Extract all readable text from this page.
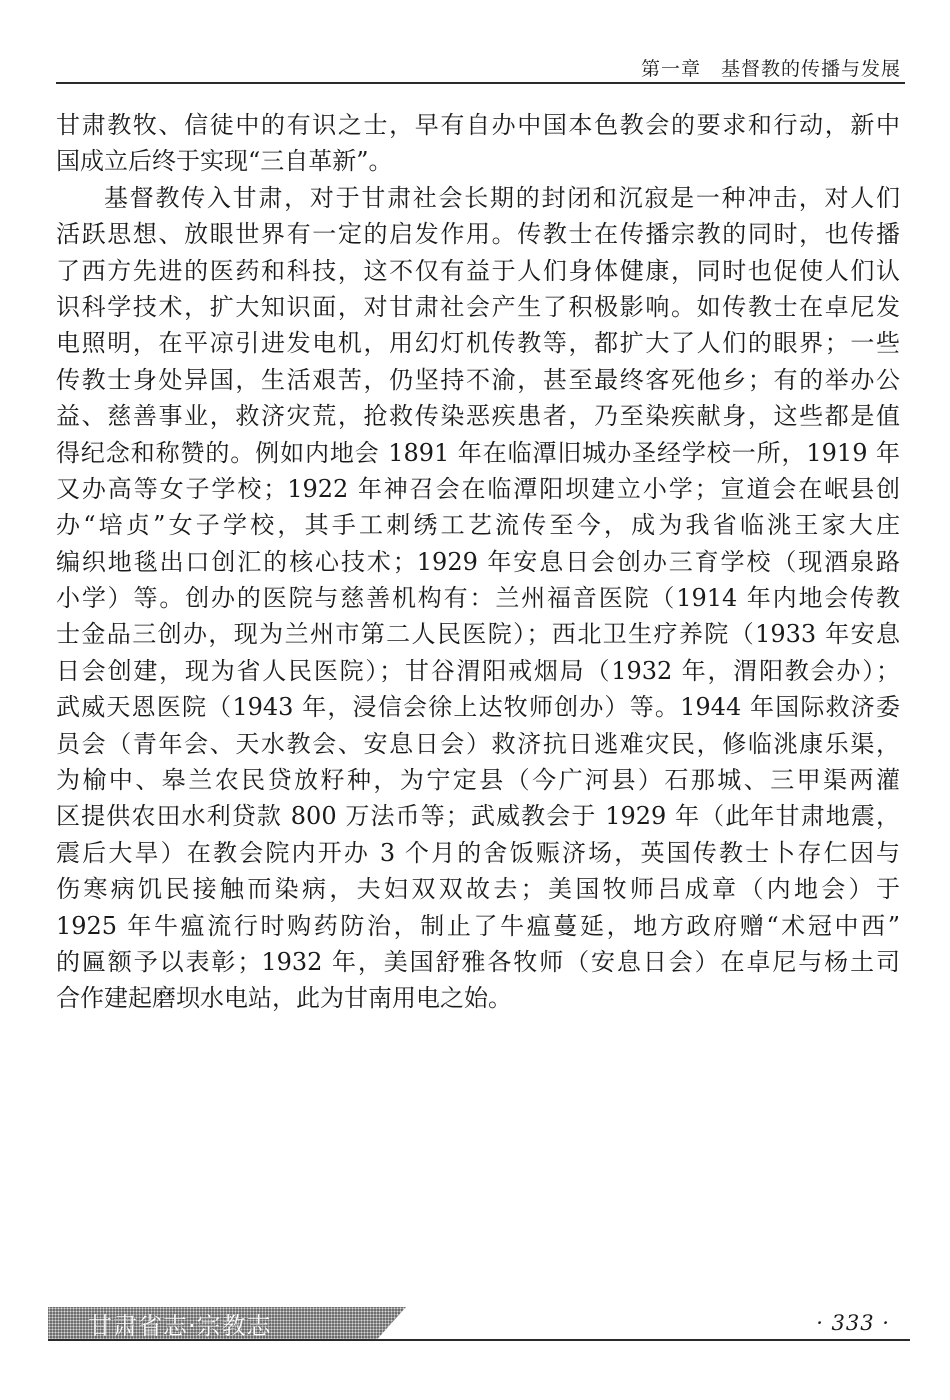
第一章　基督教的传播与发展
甘肃教牧、信徒中的有识之士，早有自办中国本色教会的要求和行动，新中
国成立后终于实现“三自革新”。
基督教传入甘肃，对于甘肃社会长期的封闭和沉寂是一种冲击，对人们
活跃思想、放眼世界有一定的启发作用。传教士在传播宗教的同时，也传播
了西方先进的医药和科技，这不仅有益于人们身体健康，同时也促使人们认
识科学技术，扩大知识面，对甘肃社会产生了积极影响。如传教士在卓尼发
电照明，在平凉引进发电机，用幻灯机传教等，都扩大了人们的眼界；一些
传教士身处异国，生活艰苦，仍坚持不渝，甚至最终客死他乡；有的举办公
益、慈善事业，救济灾荒，抢救传染恶疾患者，乃至染疾献身，这些都是值
得纪念和称赞的。例如内地会 1891 年在临潭旧城办圣经学校一所，1919 年
又办高等女子学校；1922 年神召会在临潭阳坝建立小学；宣道会在岷县创
办“培贞”女子学校，其手工刺绣工艺流传至今，成为我省临洮王家大庄
编织地毯出口创汇的核心技术；1929 年安息日会创办三育学校（现酒泉路
小学）等。创办的医院与慈善机构有：兰州福音医院（1914 年内地会传教
士金品三创办，现为兰州市第二人民医院）；西北卫生疗养院（1933 年安息
日会创建，现为省人民医院）；甘谷渭阳戒烟局（1932 年，渭阳教会办）；
武威天恩医院（1943 年，浸信会徐上达牧师创办）等。1944 年国际救济委
员会（青年会、天水教会、安息日会）救济抗日逃难灾民，修临洮康乐渠，
为榆中、皋兰农民贷放籽种，为宁定县（今广河县）石那城、三甲渠两灌
区提供农田水利贷款 800 万法币等；武威教会于 1929 年（此年甘肃地震，
震后大旱）在教会院内开办 3 个月的舍饭赈济场，英国传教士卜存仁因与
伤寒病饥民接触而染病，夫妇双双故去；美国牧师吕成章（内地会）于
1925 年牛瘟流行时购药防治，制止了牛瘟蔓延，地方政府赠“术冠中西”
的匾额予以表彰；1932 年，美国舒雅各牧师（安息日会）在卓尼与杨土司
合作建起磨坝水电站，此为甘南用电之始。
甘肃省志·宗教志	· 333 ·
